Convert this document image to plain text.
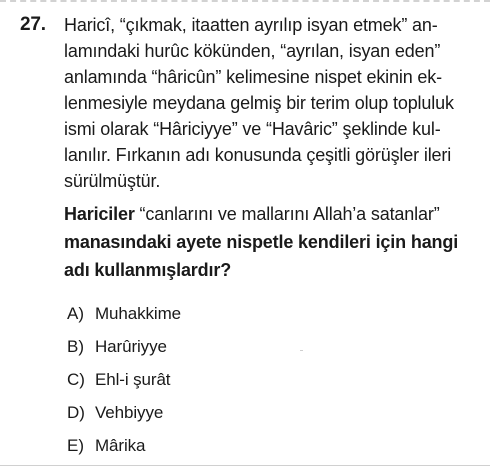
27. Haricî, “çıkmak, itaatten ayrılıp isyan etmek” an-
lamındaki hurûc kökünden, “ayrılan, isyan eden”
anlamında “hâricûn” kelimesine nispet ekinin ek-
lenmesiyle meydana gelmiş bir terim olup topluluk
ismi olarak “Hâriciyye” ve “Havâric” şeklinde kul-
lanılır. Fırkanın adı konusunda çeşitli görüşler ileri
sürülmüştür.
Hariciler “canlarını ve mallarını Allah’a satanlar”
manasındaki ayete nispetle kendileri için hangi
adı kullanmışlardır?
A) Muhakkime
B) Harûriyye
C) Ehl-i şurât
D) Vehbiyye
E) Mârika
